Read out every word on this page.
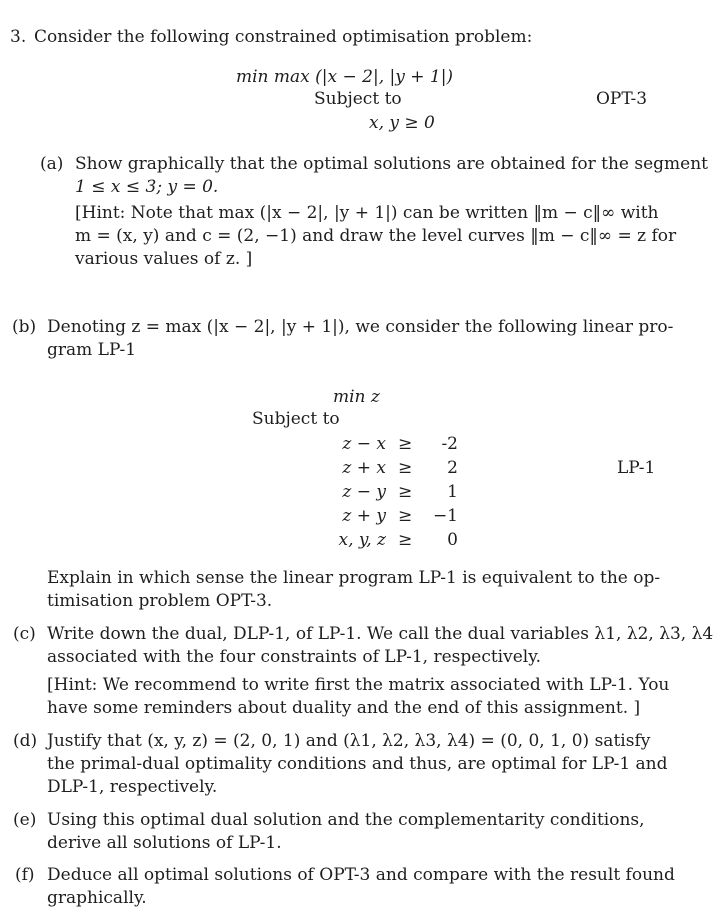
3. Consider the following constrained optimisation problem:
min max (|x − 2|, |y + 1|)
Subject to
x, y ≥ 0
OPT-3
(a) Show graphically that the optimal solutions are obtained for the segment
1 ≤ x ≤ 3; y = 0.
[Hint: Note that max (|x − 2|, |y + 1|) can be written ‖m − c‖∞ with
m = (x, y) and c = (2, −1) and draw the level curves ‖m − c‖∞ = z for
various values of z. ]
(b) Denoting z = max (|x − 2|, |y + 1|), we consider the following linear pro-
gram LP-1
min z
Subject to
z − x ≥	-2
z + x ≥	2
z − y ≥	1
z + y ≥	−1
x, y, z ≥	0
LP-1
Explain in which sense the linear program LP-1 is equivalent to the op-
timisation problem OPT-3.
(c) Write down the dual, DLP-1, of LP-1. We call the dual variables λ1, λ2, λ3, λ4
associated with the four constraints of LP-1, respectively.
[Hint: We recommend to write first the matrix associated with LP-1. You
have some reminders about duality and the end of this assignment. ]
(d) Justify that (x, y, z) = (2, 0, 1) and (λ1, λ2, λ3, λ4) = (0, 0, 1, 0) satisfy
the primal-dual optimality conditions and thus, are optimal for LP-1 and
DLP-1, respectively.
(e) Using this optimal dual solution and the complementarity conditions,
derive all solutions of LP-1.
(f) Deduce all optimal solutions of OPT-3 and compare with the result found
graphically.
